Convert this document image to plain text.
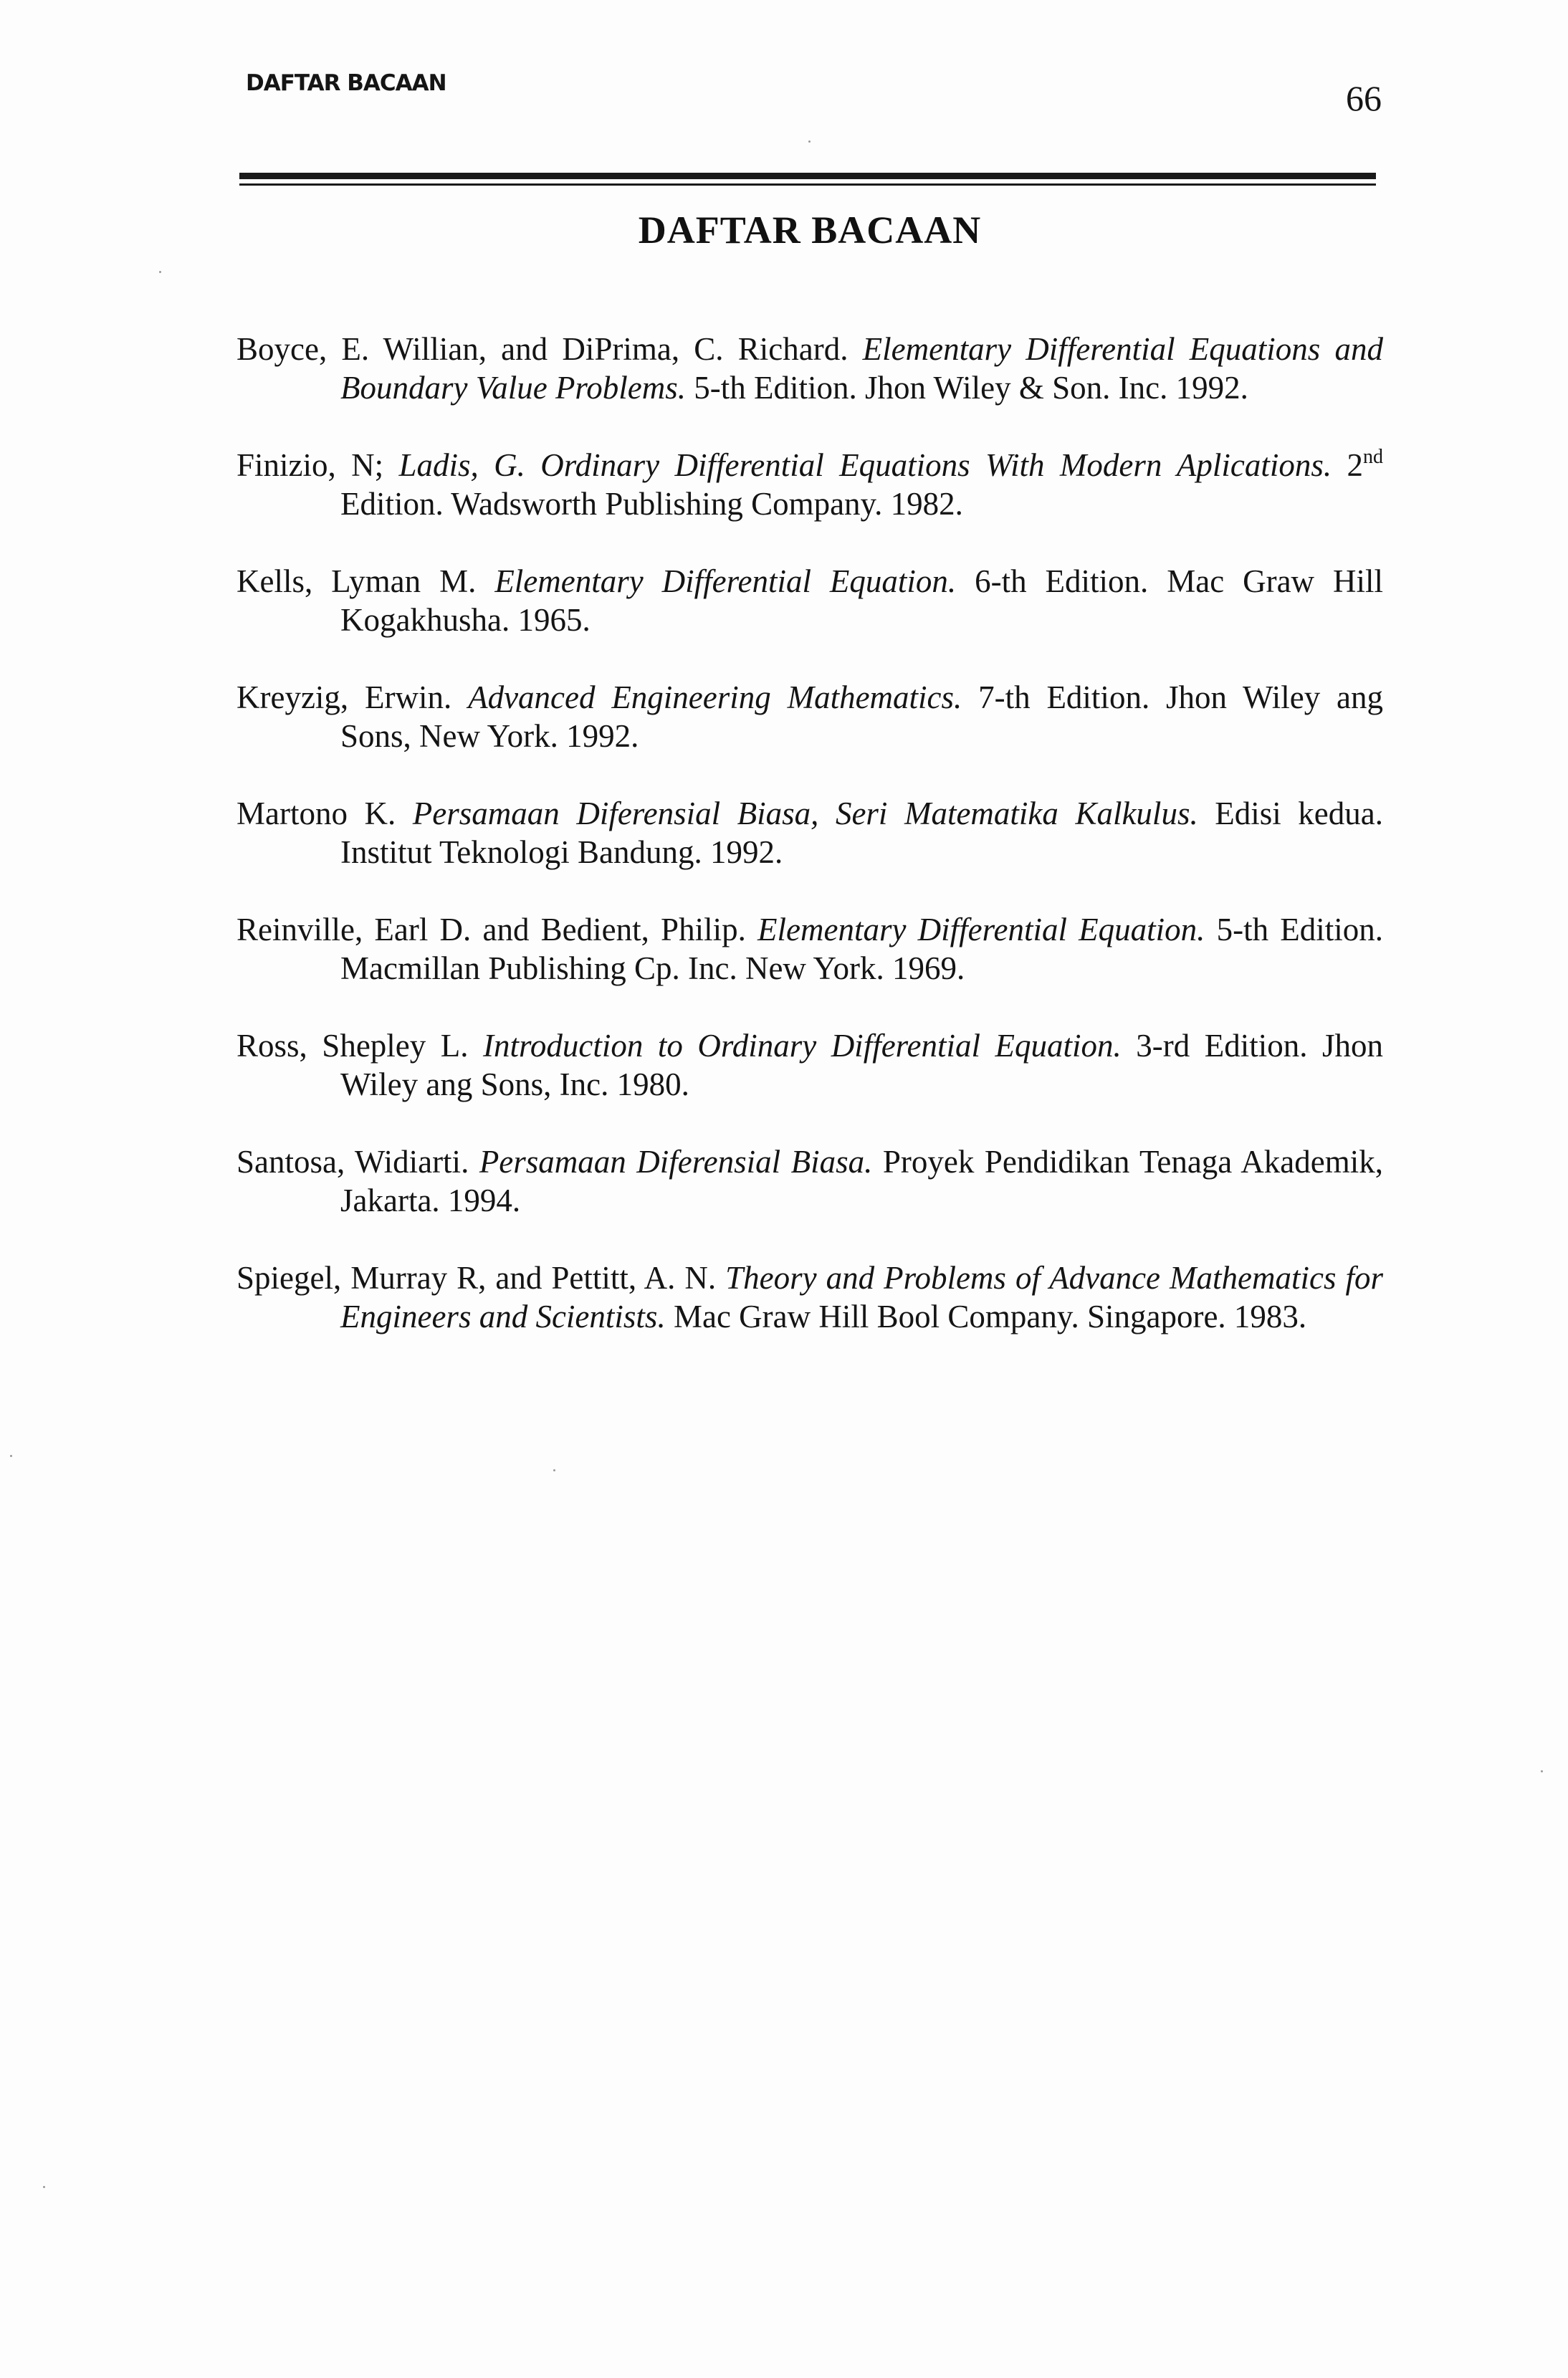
DAFTAR BACAAN	66
DAFTAR BACAAN
Boyce, E. Willian, and DiPrima, C. Richard. Elementary Differential Equations and Boundary Value Problems. 5-th Edition. Jhon Wiley & Son. Inc. 1992.
Finizio, N; Ladis, G. Ordinary Differential Equations With Modern Aplications. 2nd Edition. Wadsworth Publishing Company. 1982.
Kells, Lyman M. Elementary Differential Equation. 6-th Edition. Mac Graw Hill Kogakhusha. 1965.
Kreyzig, Erwin. Advanced Engineering Mathematics. 7-th Edition. Jhon Wiley ang Sons, New York. 1992.
Martono K. Persamaan Diferensial Biasa, Seri Matematika Kalkulus. Edisi kedua. Institut Teknologi Bandung. 1992.
Reinville, Earl D. and Bedient, Philip. Elementary Differential Equation. 5-th Edition. Macmillan Publishing Cp. Inc. New York. 1969.
Ross, Shepley L. Introduction to Ordinary Differential Equation. 3-rd Edition. Jhon Wiley ang Sons, Inc. 1980.
Santosa, Widiarti. Persamaan Diferensial Biasa. Proyek Pendidikan Tenaga Akademik, Jakarta. 1994.
Spiegel, Murray R, and Pettitt, A. N. Theory and Problems of Advance Mathematics for Engineers and Scientists. Mac Graw Hill Bool Company. Singapore. 1983.
